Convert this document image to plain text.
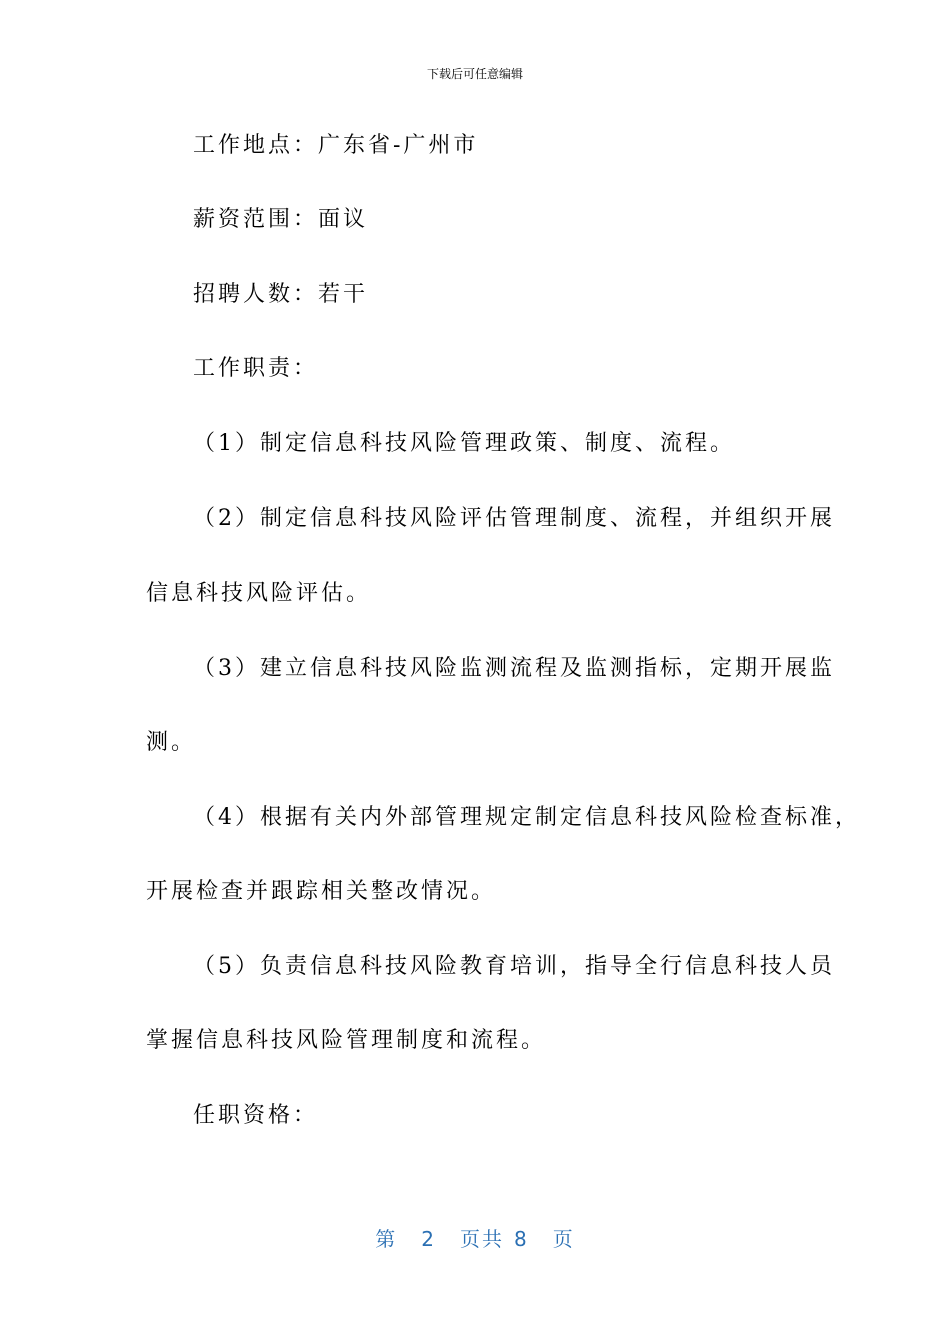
下载后可任意编辑
工作地点：广东省-广州市
薪资范围：面议
招聘人数：若干
工作职责：
（1）制定信息科技风险管理政策、制度、流程。
（2）制定信息科技风险评估管理制度、流程，并组织开展
信息科技风险评估。
（3）建立信息科技风险监测流程及监测指标，定期开展监
测。
（4）根据有关内外部管理规定制定信息科技风险检查标准，
开展检查并跟踪相关整改情况。
（5）负责信息科技风险教育培训，指导全行信息科技人员
掌握信息科技风险管理制度和流程。
任职资格：
第 2 页共 8 页
